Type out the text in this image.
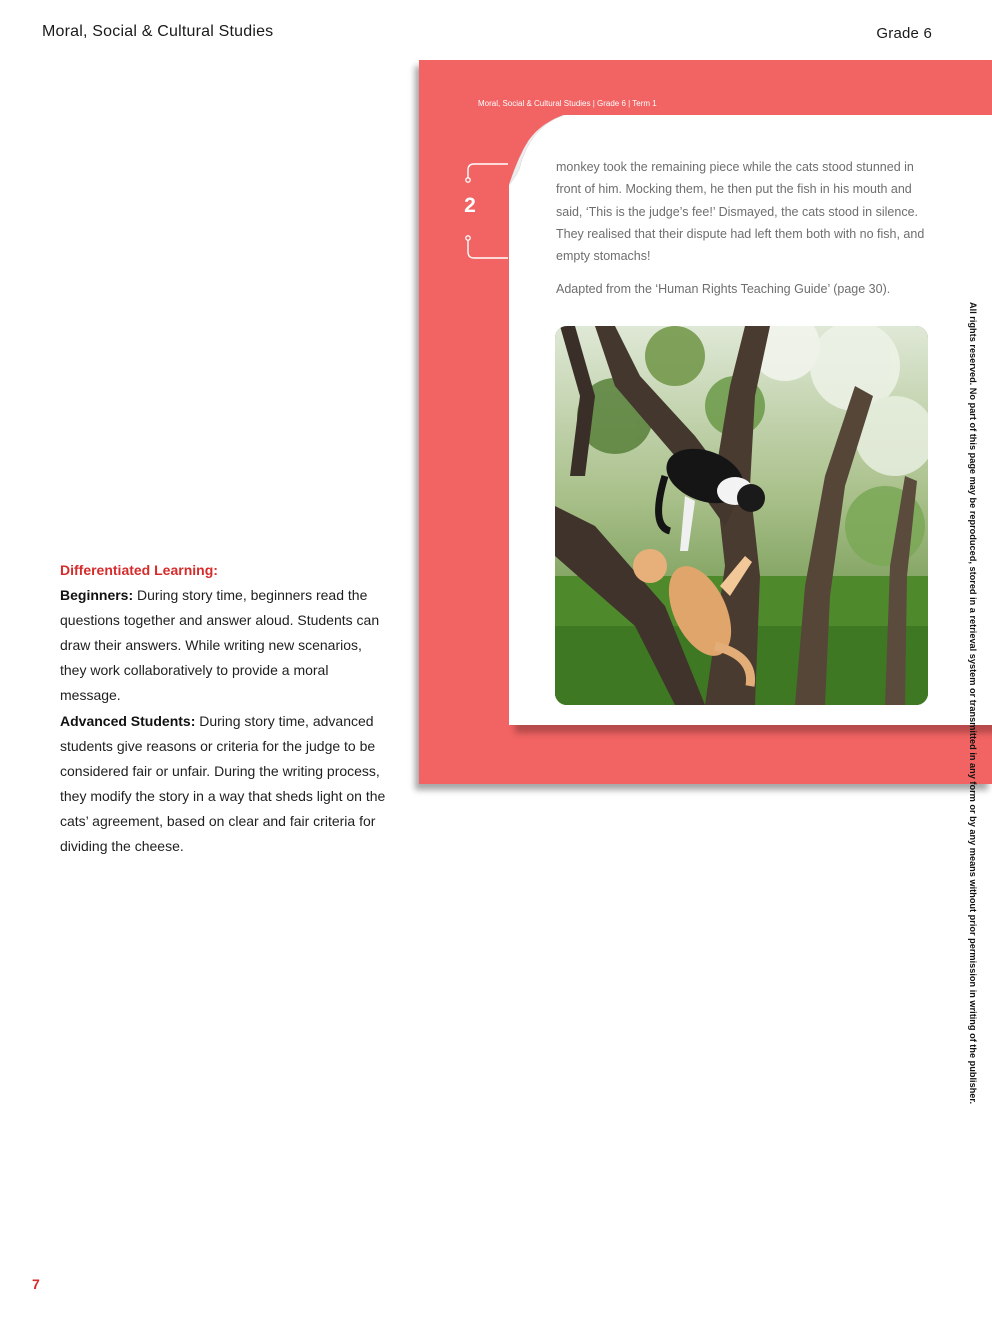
Moral, Social & Cultural Studies	Grade 6
Moral, Social & Cultural Studies | Grade 6 | Term 1
2
monkey took the remaining piece while the cats stood stunned in front of him. Mocking them, he then put the fish in his mouth and said, ‘This is the judge’s fee!’ Dismayed, the cats stood in silence. They realised that their dispute had left them both with no fish, and empty stomachs!
Adapted from the ‘Human Rights Teaching Guide’ (page 30).
Differentiated Learning:
Beginners: During story time, beginners read the questions together and answer aloud. Students can draw their answers. While writing new scenarios, they work collaboratively to provide a moral message.
Advanced Students: During story time, advanced students give reasons or criteria for the judge to be considered fair or unfair. During the writing process, they modify the story in a way that sheds light on the cats’ agreement, based on clear and fair criteria for dividing the cheese.	All rights reserved. No part of this page may be reproduced, stored in a retrieval system or transmitted in any form or by any means without prior permission in writing of the publisher.
7
